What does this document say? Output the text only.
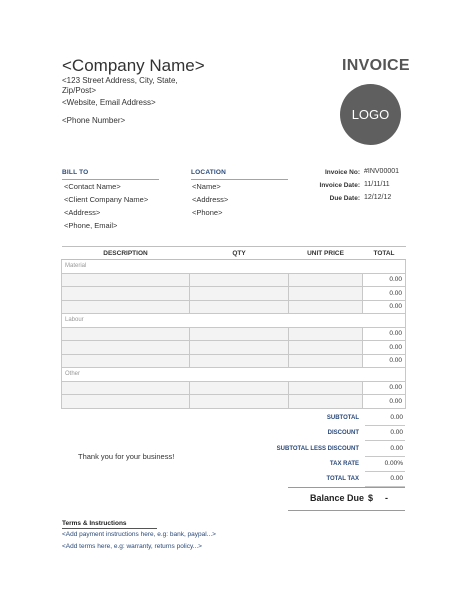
<Company Name>
<123 Street Address, City, State,
Zip/Post>
<Website, Email Address>
<Phone Number>
INVOICE
LOGO
BILL TO
<Contact Name>
<Client Company Name>
<Address>
<Phone, Email>
LOCATION
<Name>
<Address>
<Phone>
Invoice No: #INV00001
Invoice Date: 11/11/11
Due Date: 12/12/12
DESCRIPTION	QTY	UNIT PRICE	TOTAL
Material			
			0.00
			0.00
			0.00
Labour			
			0.00
			0.00
			0.00
Other			
			0.00
			0.00
SUBTOTAL	0.00
DISCOUNT	0.00
SUBTOTAL LESS DISCOUNT	0.00
TAX RATE	0.00%
TOTAL TAX	0.00
Thank you for your business!
Balance Due $ -
Terms & Instructions
<Add payment instructions here, e.g: bank, paypal...>
<Add terms here, e.g: warranty, returns policy...>
